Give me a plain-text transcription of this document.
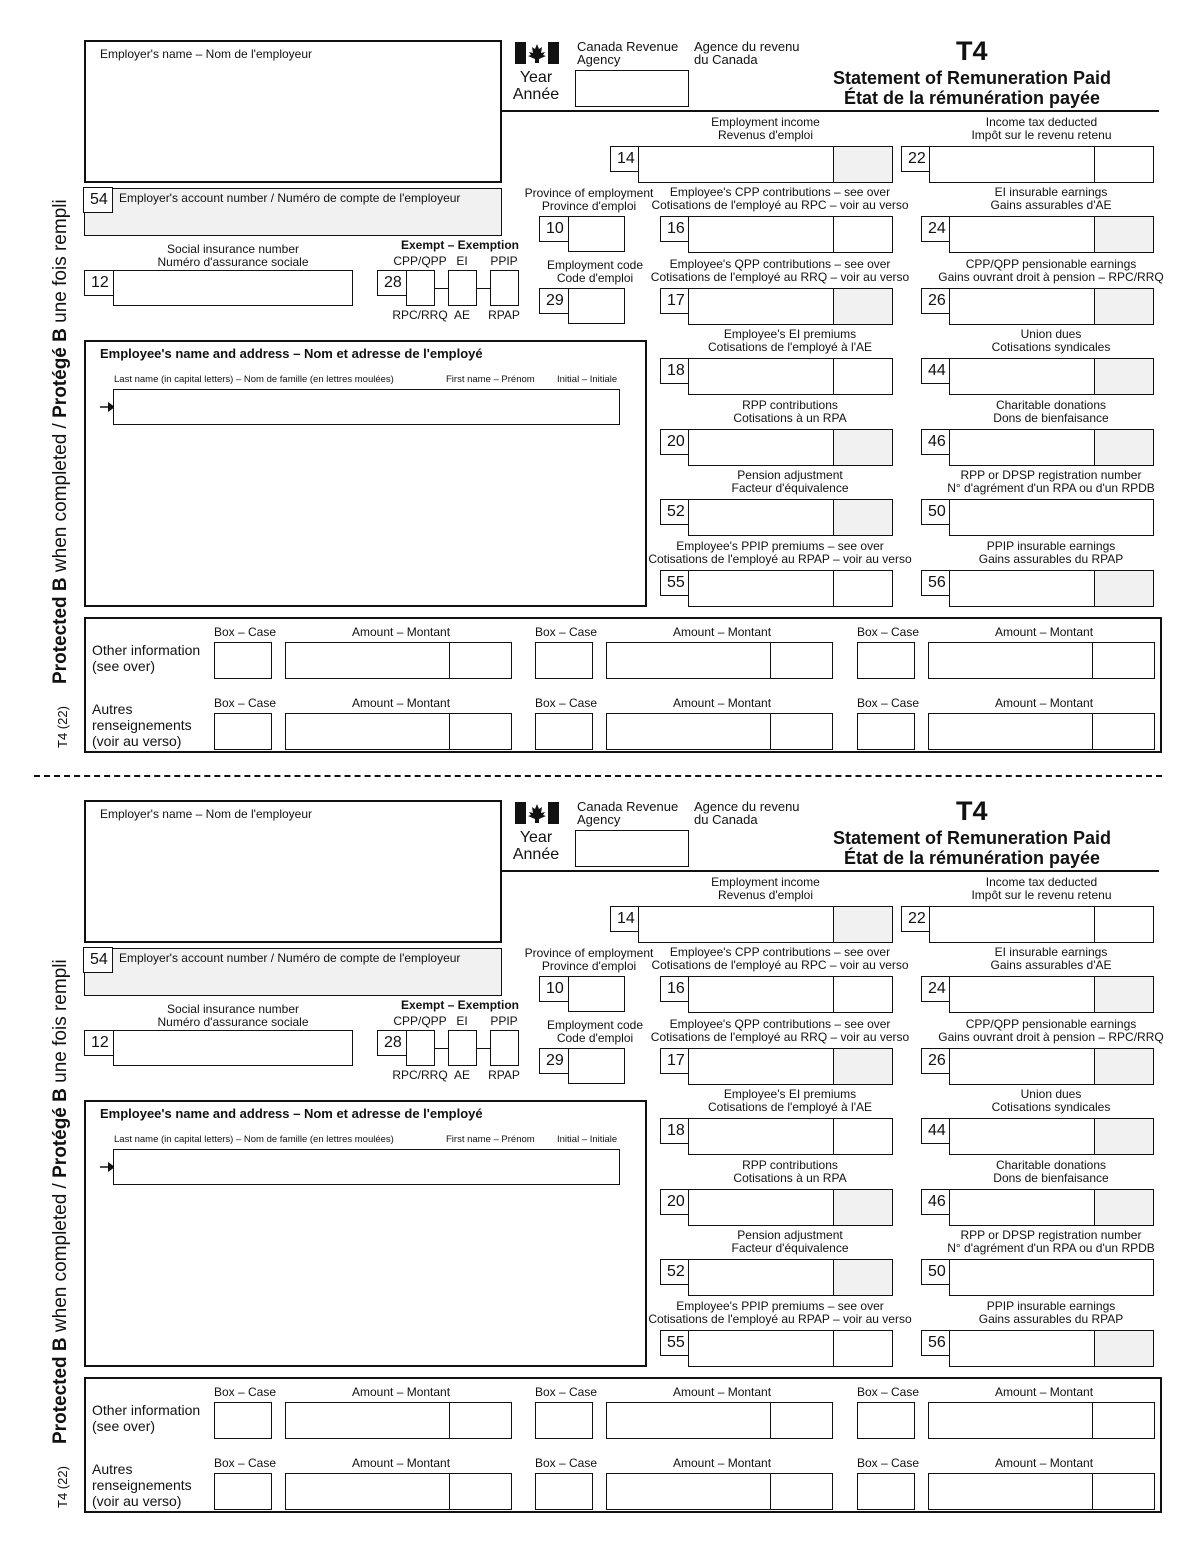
Protected B when completed / Protégé B une fois rempli
T4 (22)
Employer's name – Nom de l'employeur	Canada Revenue
Agency
Agence du revenu
du Canada
Year
Année
T4
Statement of Remuneration Paid
État de la rémunération payée
54 Employer's account number / Numéro de compte de l'employeur
Social insurance number
Numéro d'assurance sociale
12
Exempt – Exemption
CPP/QPP EI	PPIP
28
RPC/RRQ AE	RPAP
Employee's name and address – Nom et adresse de l'employé
Last name (in capital letters) – Nom de famille (en lettres moulées)	First name – Prénom Initial – Initiale
Province of employment
Province d'emploi
10
Employment code
Code d'emploi
29
Employment income
Revenus d'emploi
14
Income tax deducted
Impôt sur le revenu retenu
22
Employee's CPP contributions – see over
Cotisations de l'employé au RPC – voir au verso
16
EI insurable earnings
Gains assurables d'AE
24
Employee's QPP contributions – see over
Cotisations de l'employé au RRQ – voir au verso
17
CPP/QPP pensionable earnings
Gains ouvrant droit à pension – RPC/RRQ
26
Employee's EI premiums
Cotisations de l'employé à l'AE
18
Union dues
Cotisations syndicales
44
RPP contributions
Cotisations à un RPA
20
Charitable donations
Dons de bienfaisance
46
Pension adjustment
Facteur d'équivalence
52
RPP or DPSP registration number
N° d'agrément d'un RPA ou d'un RPDB
50
Employee's PPIP premiums – see over
Cotisations de l'employé au RPAP – voir au verso
55
PPIP insurable earnings
Gains assurables du RPAP
56
Other information
(see over)
Autres
renseignements
(voir au verso)
Box – Case	Amount – Montant	Box – Case	Amount – Montant	Box – Case	Amount – Montant
Box – Case	Amount – Montant	Box – Case	Amount – Montant	Box – Case	Amount – Montant
Protected B when completed / Protégé B une fois rempli
T4 (22)
Employer's name – Nom de l'employeur	Canada Revenue
Agency
Agence du revenu
du Canada
Year
Année
T4
Statement of Remuneration Paid
État de la rémunération payée
54 Employer's account number / Numéro de compte de l'employeur
Social insurance number
Numéro d'assurance sociale
12
Exempt – Exemption
CPP/QPP EI	PPIP
28
RPC/RRQ AE	RPAP
Employee's name and address – Nom et adresse de l'employé
Last name (in capital letters) – Nom de famille (en lettres moulées)	First name – Prénom Initial – Initiale
Province of employment
Province d'emploi
10
Employment code
Code d'emploi
29
Employment income
Revenus d'emploi
14
Income tax deducted
Impôt sur le revenu retenu
22
Employee's CPP contributions – see over
Cotisations de l'employé au RPC – voir au verso
16
EI insurable earnings
Gains assurables d'AE
24
Employee's QPP contributions – see over
Cotisations de l'employé au RRQ – voir au verso
17
CPP/QPP pensionable earnings
Gains ouvrant droit à pension – RPC/RRQ
26
Employee's EI premiums
Cotisations de l'employé à l'AE
18
Union dues
Cotisations syndicales
44
RPP contributions
Cotisations à un RPA
20
Charitable donations
Dons de bienfaisance
46
Pension adjustment
Facteur d'équivalence
52
RPP or DPSP registration number
N° d'agrément d'un RPA ou d'un RPDB
50
Employee's PPIP premiums – see over
Cotisations de l'employé au RPAP – voir au verso
55
PPIP insurable earnings
Gains assurables du RPAP
56
Other information
(see over)
Autres
renseignements
(voir au verso)
Box – Case	Amount – Montant	Box – Case	Amount – Montant	Box – Case	Amount – Montant
Box – Case	Amount – Montant	Box – Case	Amount – Montant	Box – Case	Amount – Montant
